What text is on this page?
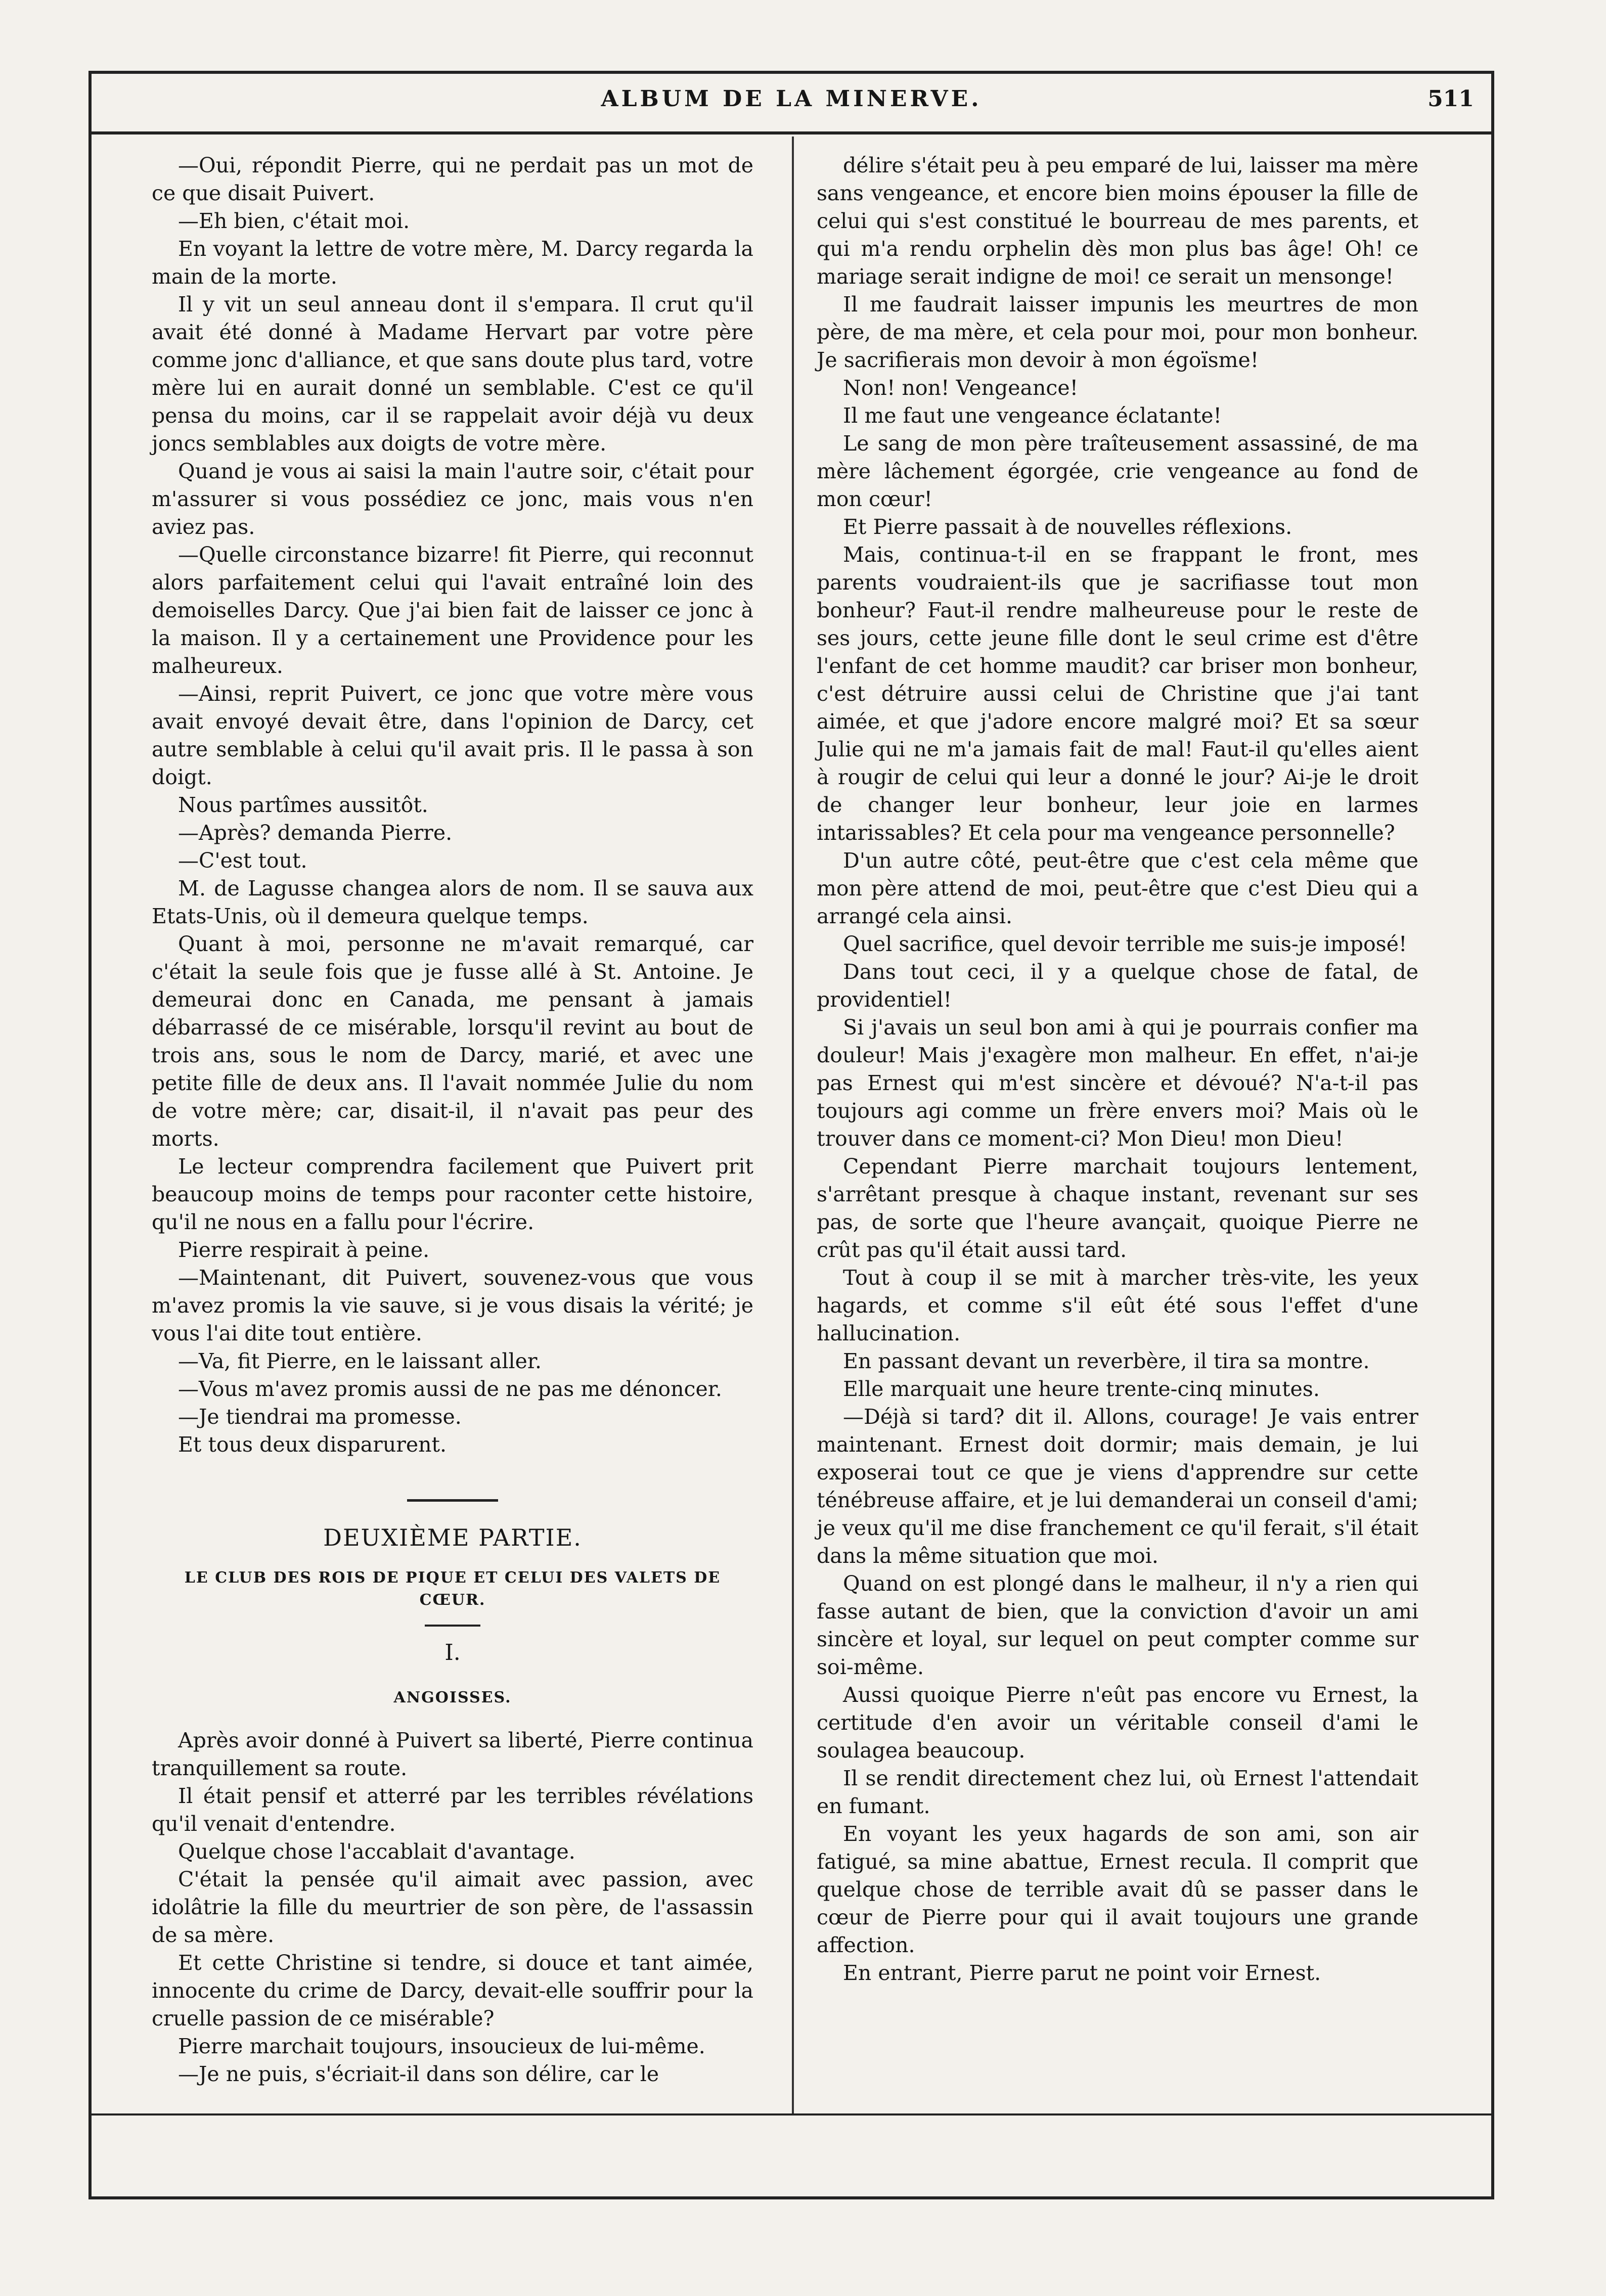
ALBUM DE LA MINERVE.	511

—Oui, répondit Pierre, qui ne perdait pas un mot de ce que disait Puivert.

—Eh bien, c'était moi.

En voyant la lettre de votre mère, M. Darcy regarda la main de la morte.

Il y vit un seul anneau dont il s'empara. Il crut qu'il avait été donné à Madame Hervart par votre père comme jonc d'alliance, et que sans doute plus tard, votre mère lui en aurait donné un semblable. C'est ce qu'il pensa du moins, car il se rappelait avoir déjà vu deux joncs semblables aux doigts de votre mère.

Quand je vous ai saisi la main l'autre soir, c'était pour m'assurer si vous possédiez ce jonc, mais vous n'en aviez pas.

—Quelle circonstance bizarre! fit Pierre, qui reconnut alors parfaitement celui qui l'avait entraîné loin des demoiselles Darcy. Que j'ai bien fait de laisser ce jonc à la maison. Il y a certainement une Providence pour les malheureux.

—Ainsi, reprit Puivert, ce jonc que votre mère vous avait envoyé devait être, dans l'opinion de Darcy, cet autre semblable à celui qu'il avait pris. Il le passa à son doigt.

Nous partîmes aussitôt.

—Après? demanda Pierre.

—C'est tout.

M. de Lagusse changea alors de nom. Il se sauva aux Etats-Unis, où il demeura quelque temps.

Quant à moi, personne ne m'avait remarqué, car c'était la seule fois que je fusse allé à St. Antoine. Je demeurai donc en Canada, me pensant à jamais débarrassé de ce misérable, lorsqu'il revint au bout de trois ans, sous le nom de Darcy, marié, et avec une petite fille de deux ans. Il l'avait nommée Julie du nom de votre mère; car, disait-il, il n'avait pas peur des morts.

Le lecteur comprendra facilement que Puivert prit beaucoup moins de temps pour raconter cette histoire, qu'il ne nous en a fallu pour l'écrire.

Pierre respirait à peine.

—Maintenant, dit Puivert, souvenez-vous que vous m'avez promis la vie sauve, si je vous disais la vérité; je vous l'ai dite tout entière.

—Va, fit Pierre, en le laissant aller.

—Vous m'avez promis aussi de ne pas me dénoncer.

—Je tiendrai ma promesse.

Et tous deux disparurent.

DEUXIÈME PARTIE.
LE CLUB DES ROIS DE PIQUE ET CELUI DES VALETS DE CŒUR.
I.
ANGOISSES.

Après avoir donné à Puivert sa liberté, Pierre continua tranquillement sa route.

Il était pensif et atterré par les terribles révélations qu'il venait d'entendre.

Quelque chose l'accablait d'avantage.

C'était la pensée qu'il aimait avec passion, avec idolâtrie la fille du meurtrier de son père, de l'assassin de sa mère.

Et cette Christine si tendre, si douce et tant aimée, innocente du crime de Darcy, devait-elle souffrir pour la cruelle passion de ce misérable?

Pierre marchait toujours, insoucieux de lui-même.

—Je ne puis, s'écriait-il dans son délire, car le

délire s'était peu à peu emparé de lui, laisser ma mère sans vengeance, et encore bien moins épouser la fille de celui qui s'est constitué le bourreau de mes parents, et qui m'a rendu orphelin dès mon plus bas âge! Oh! ce mariage serait indigne de moi! ce serait un mensonge!

Il me faudrait laisser impunis les meurtres de mon père, de ma mère, et cela pour moi, pour mon bonheur. Je sacrifierais mon devoir à mon égoïsme!

Non! non! Vengeance!

Il me faut une vengeance éclatante!

Le sang de mon père traîteusement assassiné, de ma mère lâchement égorgée, crie vengeance au fond de mon cœur!

Et Pierre passait à de nouvelles réflexions.

Mais, continua-t-il en se frappant le front, mes parents voudraient-ils que je sacrifiasse tout mon bonheur? Faut-il rendre malheureuse pour le reste de ses jours, cette jeune fille dont le seul crime est d'être l'enfant de cet homme maudit? car briser mon bonheur, c'est détruire aussi celui de Christine que j'ai tant aimée, et que j'adore encore malgré moi? Et sa sœur Julie qui ne m'a jamais fait de mal! Faut-il qu'elles aient à rougir de celui qui leur a donné le jour? Ai-je le droit de changer leur bonheur, leur joie en larmes intarissables? Et cela pour ma vengeance personnelle?

D'un autre côté, peut-être que c'est cela même que mon père attend de moi, peut-être que c'est Dieu qui a arrangé cela ainsi.

Quel sacrifice, quel devoir terrible me suis-je imposé!

Dans tout ceci, il y a quelque chose de fatal, de providentiel!

Si j'avais un seul bon ami à qui je pourrais confier ma douleur! Mais j'exagère mon malheur. En effet, n'ai-je pas Ernest qui m'est sincère et dévoué? N'a-t-il pas toujours agi comme un frère envers moi? Mais où le trouver dans ce moment-ci? Mon Dieu! mon Dieu!

Cependant Pierre marchait toujours lentement, s'arrêtant presque à chaque instant, revenant sur ses pas, de sorte que l'heure avançait, quoique Pierre ne crût pas qu'il était aussi tard.

Tout à coup il se mit à marcher très-vite, les yeux hagards, et comme s'il eût été sous l'effet d'une hallucination.

En passant devant un reverbère, il tira sa montre.

Elle marquait une heure trente-cinq minutes.

—Déjà si tard? dit il. Allons, courage! Je vais entrer maintenant. Ernest doit dormir; mais demain, je lui exposerai tout ce que je viens d'apprendre sur cette ténébreuse affaire, et je lui demanderai un conseil d'ami; je veux qu'il me dise franchement ce qu'il ferait, s'il était dans la même situation que moi.

Quand on est plongé dans le malheur, il n'y a rien qui fasse autant de bien, que la conviction d'avoir un ami sincère et loyal, sur lequel on peut compter comme sur soi-même.

Aussi quoique Pierre n'eût pas encore vu Ernest, la certitude d'en avoir un véritable conseil d'ami le soulagea beaucoup.

Il se rendit directement chez lui, où Ernest l'attendait en fumant.

En voyant les yeux hagards de son ami, son air fatigué, sa mine abattue, Ernest recula. Il comprit que quelque chose de terrible avait dû se passer dans le cœur de Pierre pour qui il avait toujours une grande affection.

En entrant, Pierre parut ne point voir Ernest.
